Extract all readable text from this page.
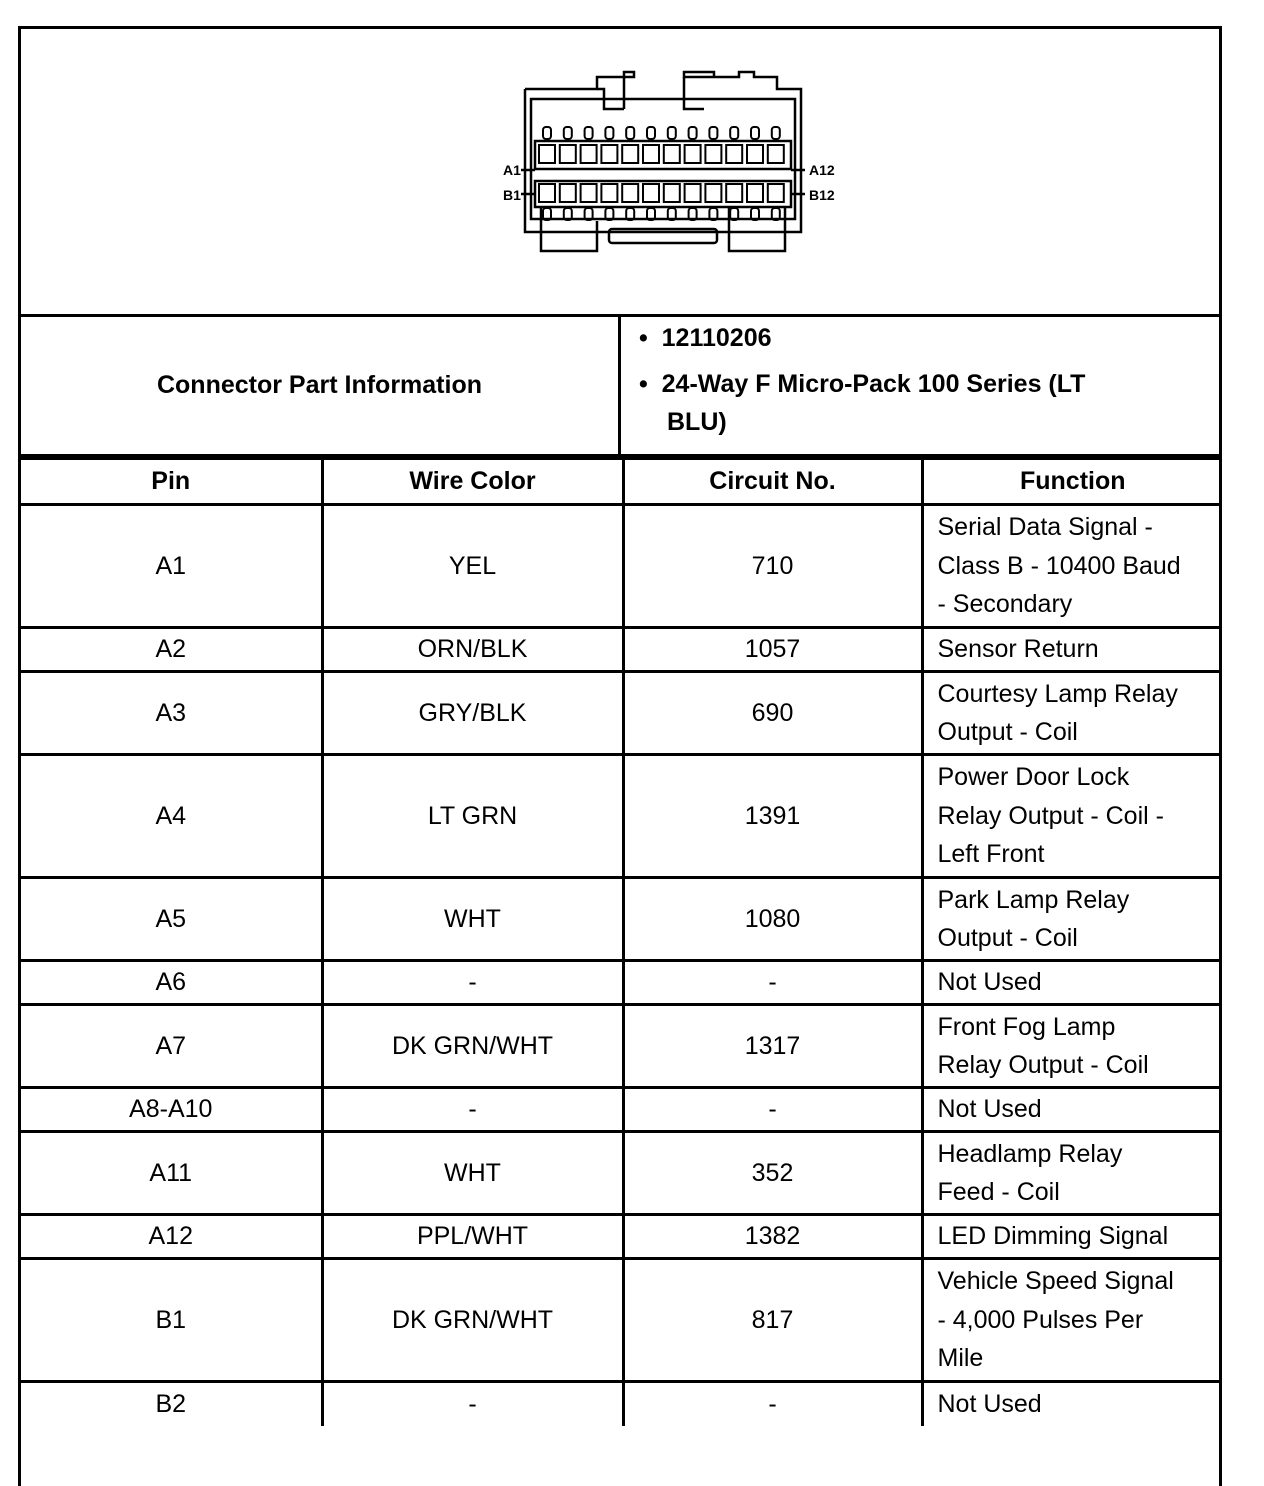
A1
B1
A12
B12
Connector Part Information
•  12110206
•  24-Way F Micro-Pack 100 Series (LT
BLU)
Pin	Wire Color	Circuit No.	Function
A1	YEL	710	Serial Data Signal -
Class B - 10400 Baud
- Secondary

A2	ORN/BLK	1057	Sensor Return

A3	GRY/BLK	690	Courtesy Lamp Relay
Output - Coil

A4	LT GRN	1391	Power Door Lock
Relay Output - Coil -
Left Front

A5	WHT	1080	Park Lamp Relay
Output - Coil

A6	-	-	Not Used

A7	DK GRN/WHT	1317	Front Fog Lamp
Relay Output - Coil

A8-A10	-	-	Not Used

A11	WHT	352	Headlamp Relay
Feed - Coil

A12	PPL/WHT	1382	LED Dimming Signal

B1	DK GRN/WHT	817	Vehicle Speed Signal
- 4,000 Pulses Per
Mile

B2	-	-	Not Used
